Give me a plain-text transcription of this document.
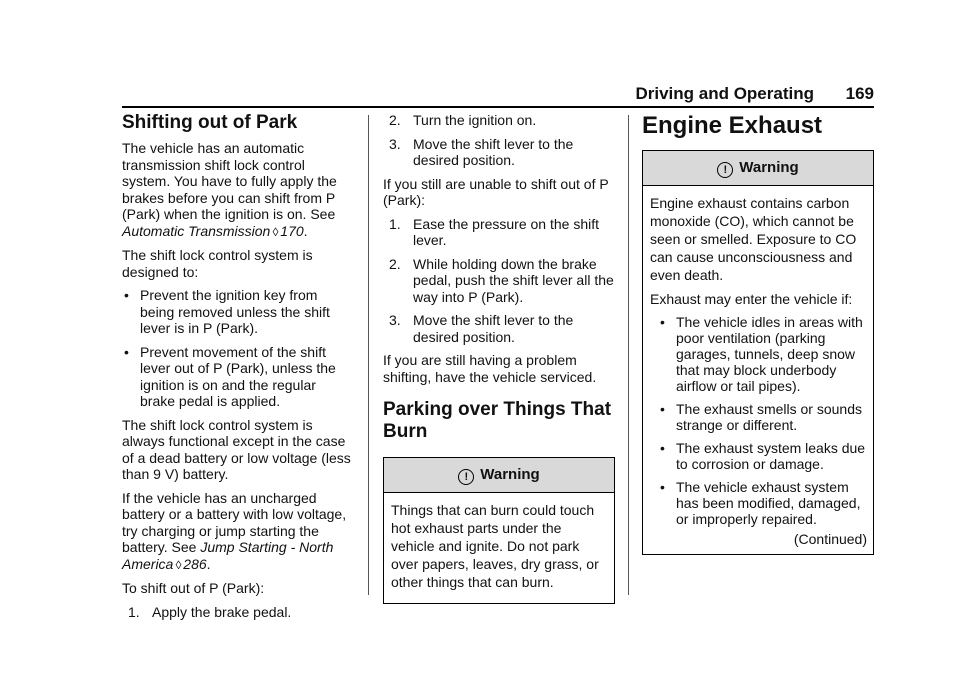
Driving and Operating 169
Shifting out of Park

The vehicle has an automatic transmission shift lock control system. You have to fully apply the brakes before you can shift from P (Park) when the ignition is on. See Automatic Transmission ◊ 170.

The shift lock control system is designed to:

• Prevent the ignition key from being removed unless the shift lever is in P (Park).
• Prevent movement of the shift lever out of P (Park), unless the ignition is on and the regular brake pedal is applied.

The shift lock control system is always functional except in the case of a dead battery or low voltage (less than 9 V) battery.

If the vehicle has an uncharged battery or a battery with low voltage, try charging or jump starting the battery. See Jump Starting - North America ◊ 286.

To shift out of P (Park):

1. Apply the brake pedal.
2. Turn the ignition on.
3. Move the shift lever to the desired position.

If you still are unable to shift out of P (Park):

1. Ease the pressure on the shift lever.
2. While holding down the brake pedal, push the shift lever all the way into P (Park).
3. Move the shift lever to the desired position.

If you are still having a problem shifting, have the vehicle serviced.

Parking over Things That Burn
! Warning

Things that can burn could touch hot exhaust parts under the vehicle and ignite. Do not park over papers, leaves, dry grass, or other things that can burn.

Engine Exhaust
! Warning

Engine exhaust contains carbon monoxide (CO), which cannot be seen or smelled. Exposure to CO can cause unconsciousness and even death.

Exhaust may enter the vehicle if:

• The vehicle idles in areas with poor ventilation (parking garages, tunnels, deep snow that may block underbody airflow or tail pipes).
• The exhaust smells or sounds strange or different.
• The exhaust system leaks due to corrosion or damage.
• The vehicle exhaust system has been modified, damaged, or improperly repaired.
(Continued)
